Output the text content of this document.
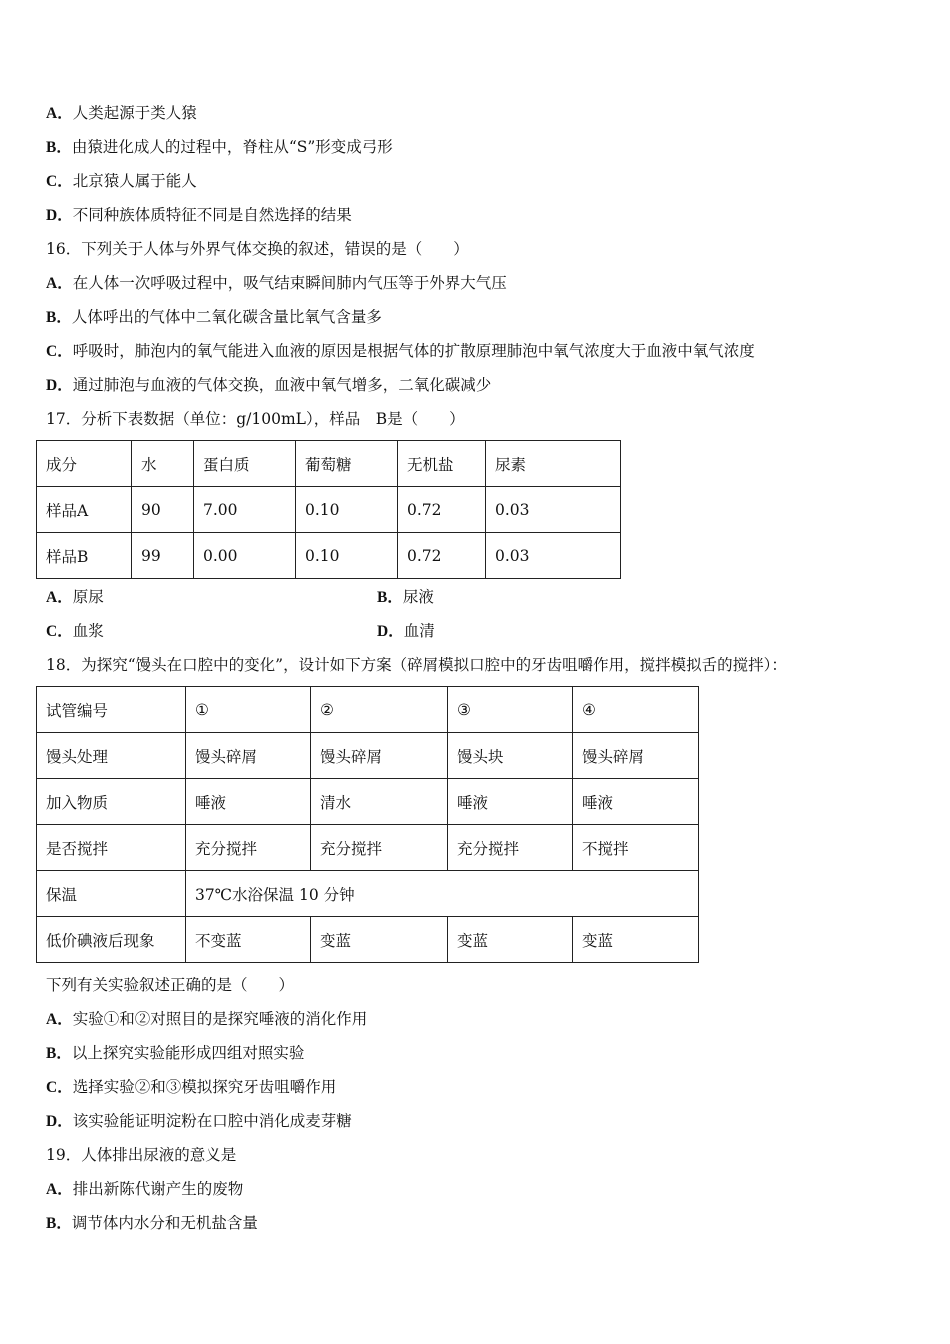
A．人类起源于类人猿
B．由猿进化成人的过程中，脊柱从“S”形变成弓形
C．北京猿人属于能人
D．不同种族体质特征不同是自然选择的结果
16．下列关于人体与外界气体交换的叙述，错误的是（　　）
A．在人体一次呼吸过程中，吸气结束瞬间肺内气压等于外界大气压
B．人体呼出的气体中二氧化碳含量比氧气含量多
C．呼吸时，肺泡内的氧气能进入血液的原因是根据气体的扩散原理肺泡中氧气浓度大于血液中氧气浓度
D．通过肺泡与血液的气体交换，血液中氧气增多，二氧化碳减少
17．分析下表数据（单位：g/100mL），样品　B是（　　）
成分	水	蛋白质	葡萄糖	无机盐	尿素
样品A	90	7.00	0.10	0.72	0.03
样品B	99	0.00	0.10	0.72	0.03
A．原尿	B．尿液
C．血浆	D．血清
18．为探究“馒头在口腔中的变化”，设计如下方案（碎屑模拟口腔中的牙齿咀嚼作用，搅拌模拟舌的搅拌）：
试管编号	①	②	③	④
馒头处理	馒头碎屑	馒头碎屑	馒头块	馒头碎屑
加入物质	唾液	清水	唾液	唾液
是否搅拌	充分搅拌	充分搅拌	充分搅拌	不搅拌
保温	37℃水浴保温 10 分钟			
低价碘液后现象	不变蓝	变蓝	变蓝	变蓝
下列有关实验叙述正确的是（　　）
A．实验①和②对照目的是探究唾液的消化作用
B．以上探究实验能形成四组对照实验
C．选择实验②和③模拟探究牙齿咀嚼作用
D．该实验能证明淀粉在口腔中消化成麦芽糖
19．人体排出尿液的意义是
A．排出新陈代谢产生的废物
B．调节体内水分和无机盐含量
